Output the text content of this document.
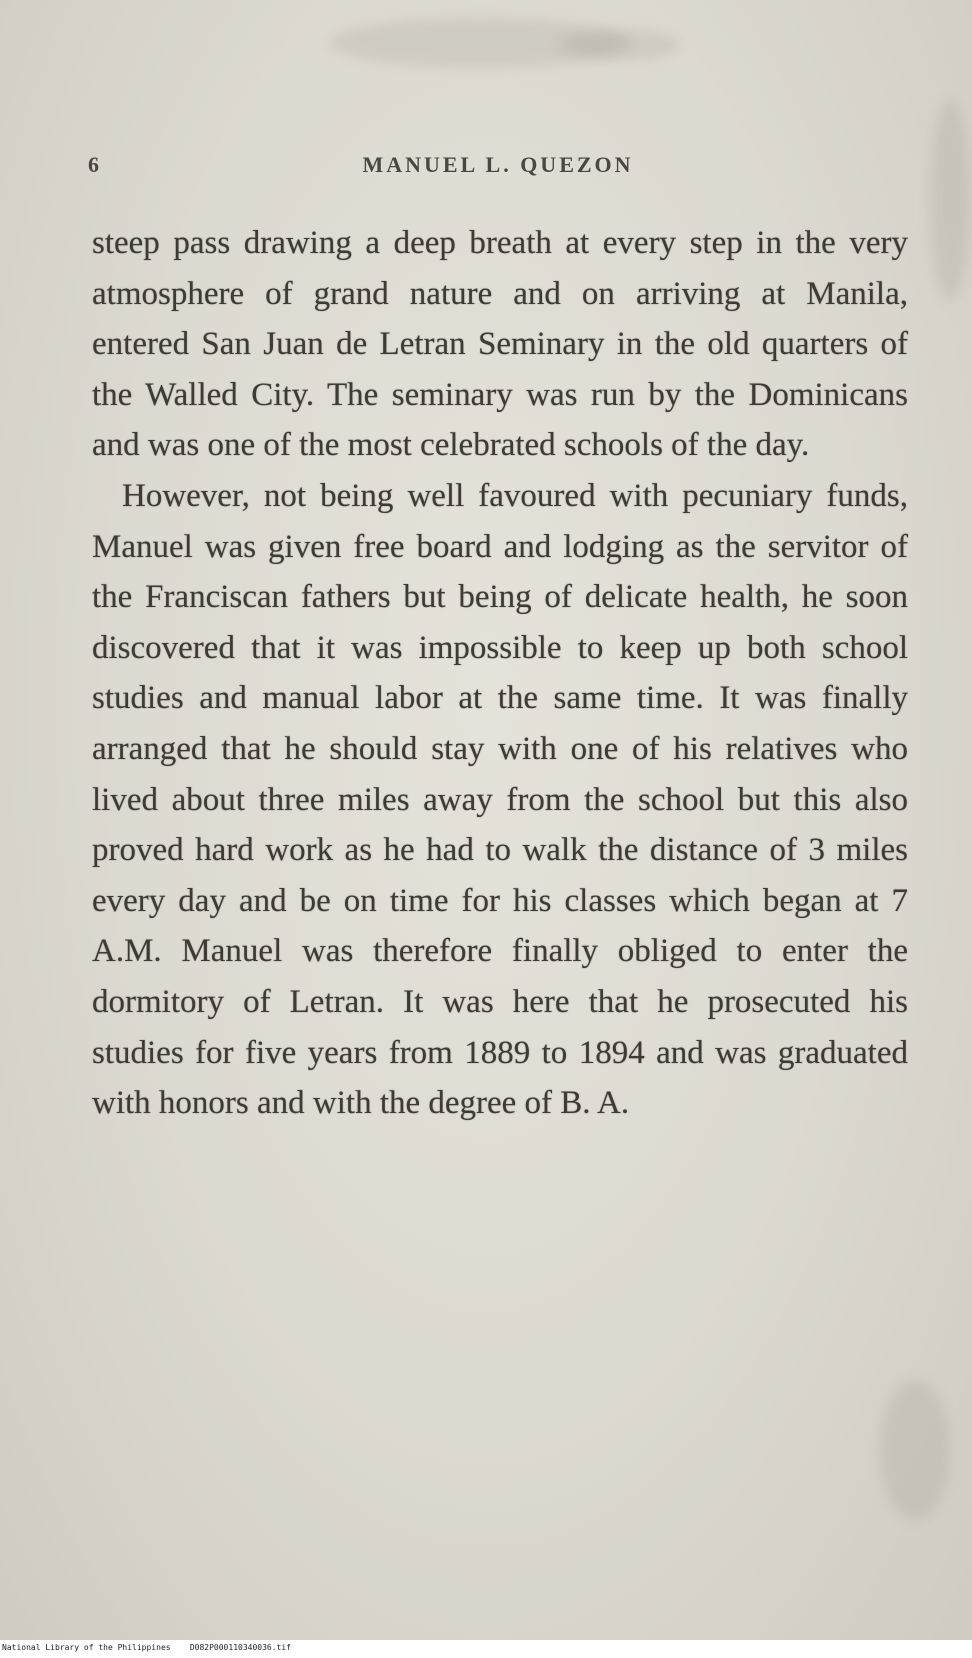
6	MANUEL L. QUEZON

steep pass drawing a deep breath at every step in the very atmosphere of grand nature and on arriving at Manila, entered San Juan de Letran Seminary in the old quarters of the Walled City. The seminary was run by the Dominicans and was one of the most celebrated schools of the day.

However, not being well favoured with pecuniary funds, Manuel was given free board and lodging as the servitor of the Franciscan fathers but being of delicate health, he soon discovered that it was impossible to keep up both school studies and manual labor at the same time. It was finally arranged that he should stay with one of his relatives who lived about three miles away from the school but this also proved hard work as he had to walk the distance of 3 miles every day and be on time for his classes which began at 7 A.M. Manuel was therefore finally obliged to enter the dormitory of Letran. It was here that he prosecuted his studies for five years from 1889 to 1894 and was graduated with honors and with the degree of B. A.

National Library of the Philippines    D082P000110340036.tif
